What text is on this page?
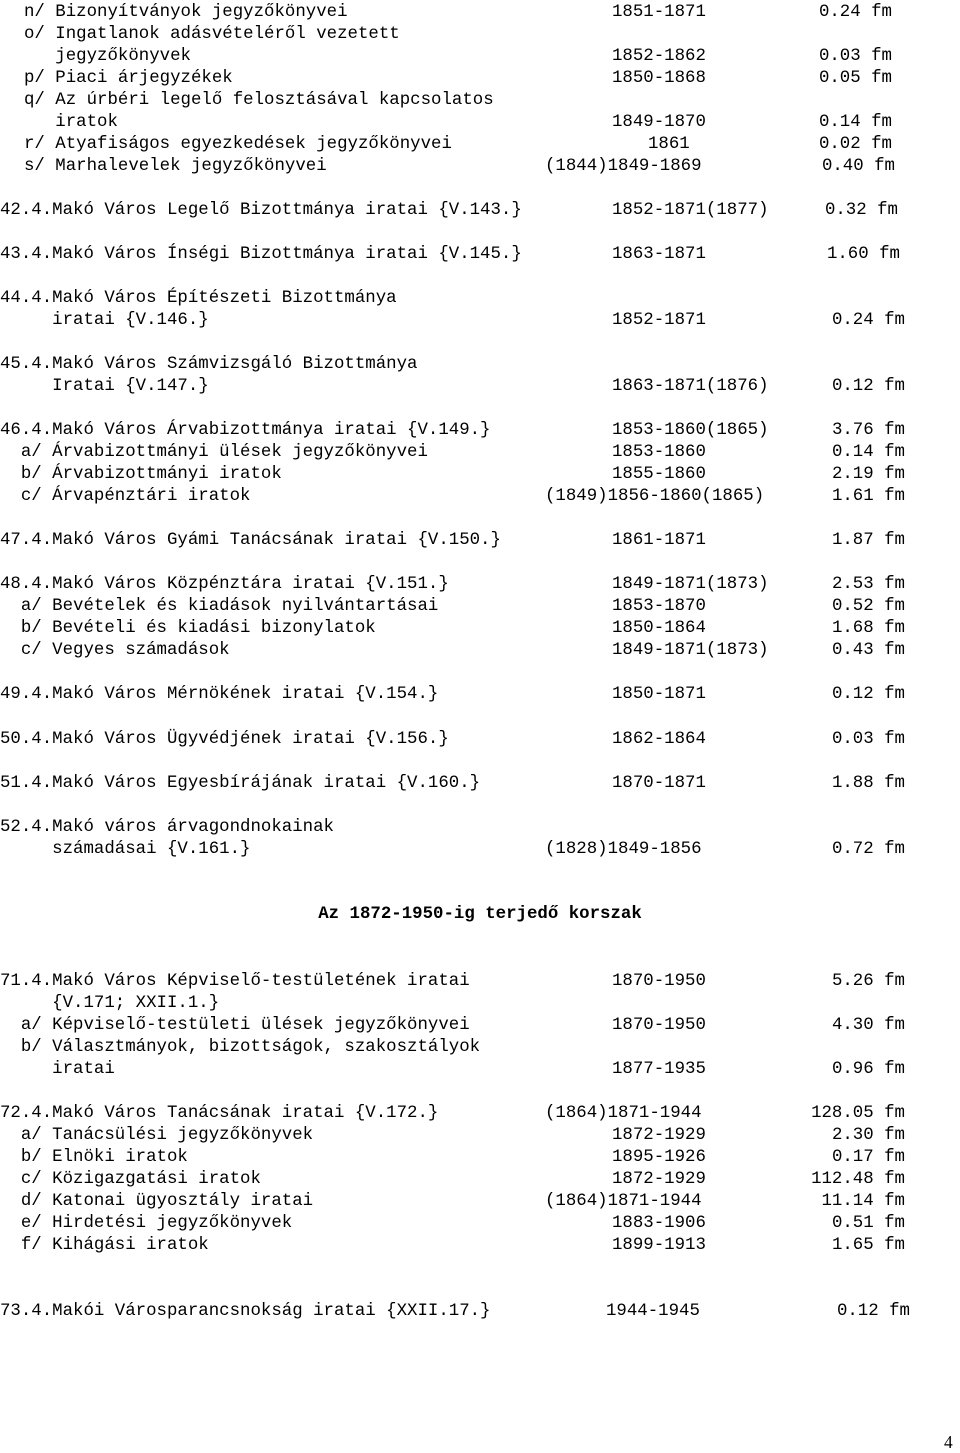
4
n/ Bizonyítványok jegyzőkönyvei	1851-1871	0.24 fm
o/ Ingatlanok adásvételéről vezetett
jegyzőkönyvek	1852-1862	0.03 fm
p/ Piaci árjegyzékek	1850-1868	0.05 fm
q/ Az úrbéri legelő felosztásával kapcsolatos
iratok	1849-1870	0.14 fm
r/ Atyafiságos egyezkedések jegyzőkönyvei	1861	0.02 fm
s/ Marhalevelek jegyzőkönyvei	(1844)1849-1869	0.40 fm
42.4.Makó Város Legelő Bizottmánya iratai {V.143.}	1852-1871(1877)	0.32 fm
43.4.Makó Város Ínségi Bizottmánya iratai {V.145.}	1863-1871	1.60 fm
44.4.Makó Város Építészeti Bizottmánya
iratai {V.146.}	1852-1871	0.24 fm
45.4.Makó Város Számvizsgáló Bizottmánya
Iratai {V.147.}	1863-1871(1876)	0.12 fm
46.4.Makó Város Árvabizottmánya iratai {V.149.}	1853-1860(1865)	3.76 fm
a/ Árvabizottmányi ülések jegyzőkönyvei	1853-1860	0.14 fm
b/ Árvabizottmányi iratok	1855-1860	2.19 fm
c/ Árvapénztári iratok	(1849)1856-1860(1865)	1.61 fm
47.4.Makó Város Gyámi Tanácsának iratai {V.150.}	1861-1871	1.87 fm
48.4.Makó Város Közpénztára iratai {V.151.}	1849-1871(1873)	2.53 fm
a/ Bevételek és kiadások nyilvántartásai	1853-1870	0.52 fm
b/ Bevételi és kiadási bizonylatok	1850-1864	1.68 fm
c/ Vegyes számadások	1849-1871(1873)	0.43 fm
49.4.Makó Város Mérnökének iratai {V.154.}	1850-1871	0.12 fm
50.4.Makó Város Ügyvédjének iratai {V.156.}	1862-1864	0.03 fm
51.4.Makó Város Egyesbírájának iratai {V.160.}	1870-1871	1.88 fm
52.4.Makó város árvagondnokainak
számadásai {V.161.}	(1828)1849-1856	0.72 fm
Az 1872-1950-ig terjedő korszak
71.4.Makó Város Képviselő-testületének iratai	1870-1950	5.26 fm
{V.171; XXII.1.}
a/ Képviselő-testületi ülések jegyzőkönyvei	1870-1950	4.30 fm
b/ Választmányok, bizottságok, szakosztályok
iratai	1877-1935	0.96 fm
72.4.Makó Város Tanácsának iratai {V.172.}	(1864)1871-1944	128.05 fm
a/ Tanácsülési jegyzőkönyvek	1872-1929	2.30 fm
b/ Elnöki iratok	1895-1926	0.17 fm
c/ Közigazgatási iratok	1872-1929	112.48 fm
d/ Katonai ügyosztály iratai	(1864)1871-1944	11.14 fm
e/ Hirdetési jegyzőkönyvek	1883-1906	0.51 fm
f/ Kihágási iratok	1899-1913	1.65 fm
73.4.Makói Városparancsnokság iratai {XXII.17.}	1944-1945	0.12 fm
